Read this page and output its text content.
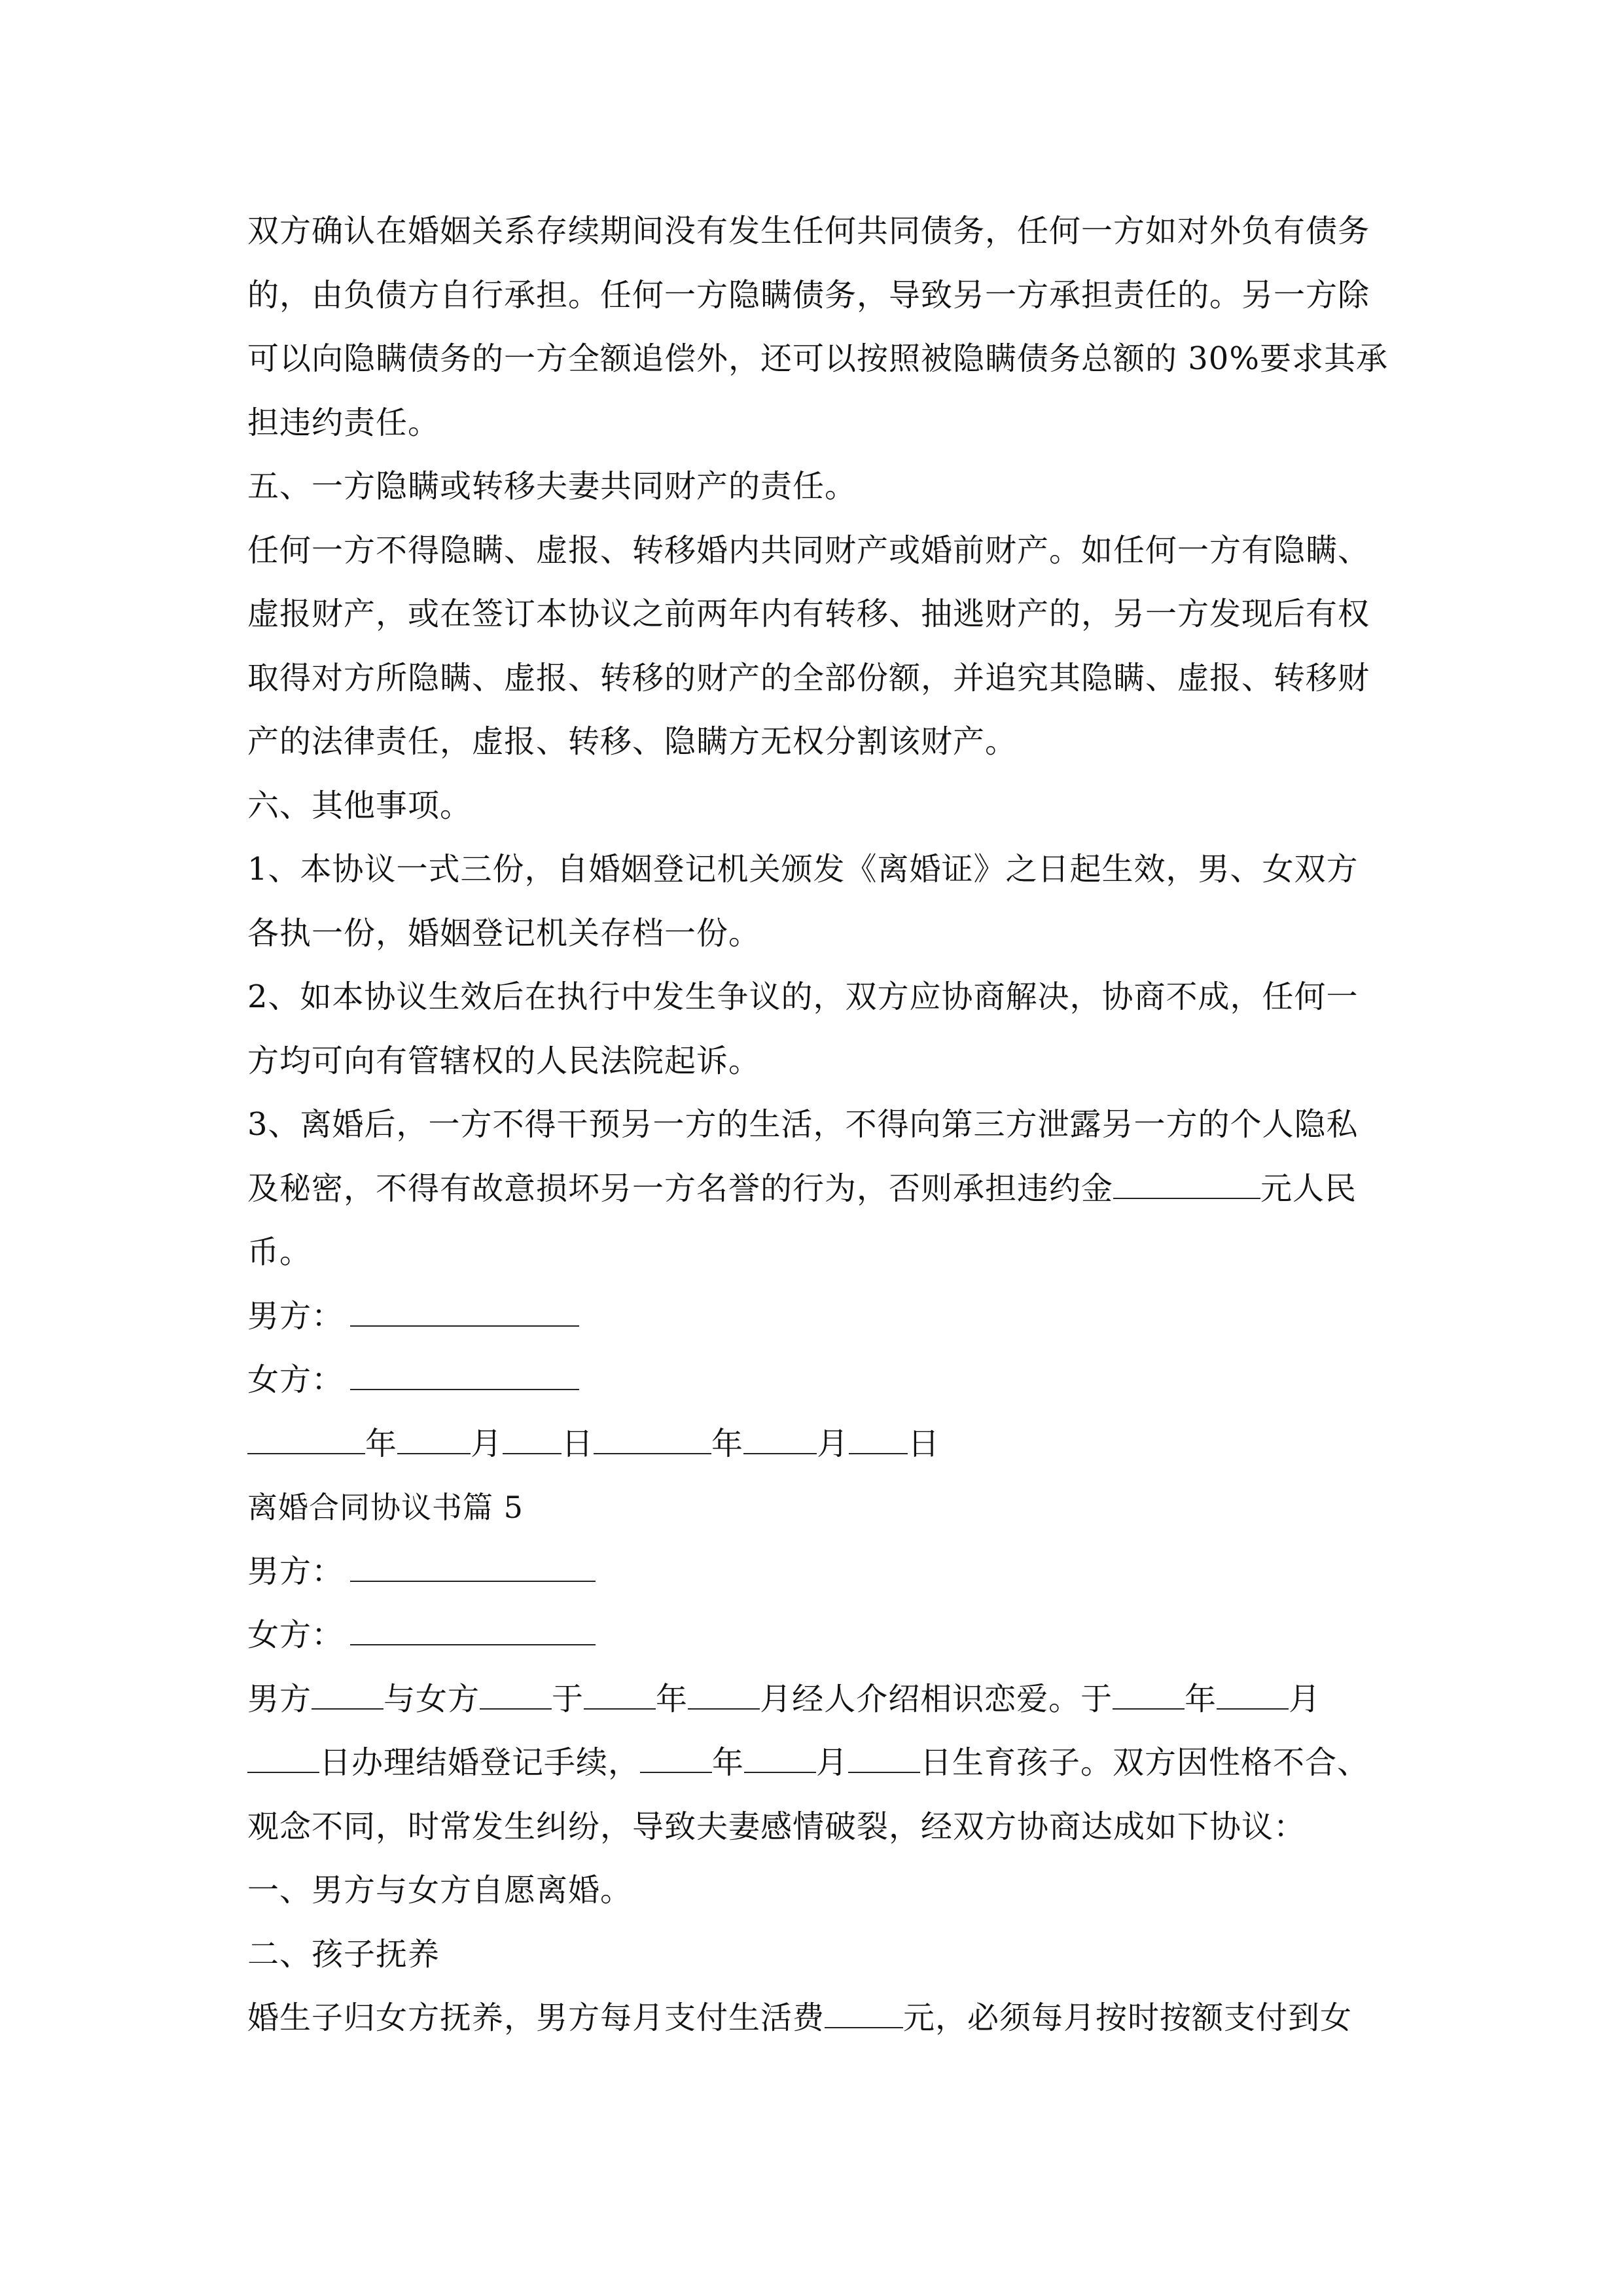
双方确认在婚姻关系存续期间没有发生任何共同债务，任何一方如对外负有债务
的，由负债方自行承担。任何一方隐瞒债务，导致另一方承担责任的。另一方除
可以向隐瞒债务的一方全额追偿外，还可以按照被隐瞒债务总额的 30%要求其承
担违约责任。
五、一方隐瞒或转移夫妻共同财产的责任。
任何一方不得隐瞒、虚报、转移婚内共同财产或婚前财产。如任何一方有隐瞒、
虚报财产，或在签订本协议之前两年内有转移、抽逃财产的，另一方发现后有权
取得对方所隐瞒、虚报、转移的财产的全部份额，并追究其隐瞒、虚报、转移财
产的法律责任，虚报、转移、隐瞒方无权分割该财产。
六、其他事项。
1、本协议一式三份，自婚姻登记机关颁发《离婚证》之日起生效，男、女双方
各执一份，婚姻登记机关存档一份。
2、如本协议生效后在执行中发生争议的，双方应协商解决，协商不成，任何一
方均可向有管辖权的人民法院起诉。
3、离婚后，一方不得干预另一方的生活，不得向第三方泄露另一方的个人隐私
及秘密，不得有故意损坏另一方名誉的行为，否则承担违约金	元人民
币。
男方：
女方：
年 月 日	年 月 日
离婚合同协议书篇 5
男方：
女方：
男方 与女方 于 年 月经人介绍相识恋爱。于 年 月
日办理结婚登记手续， 年 月 日生育孩子。双方因性格不合、
观念不同，时常发生纠纷，导致夫妻感情破裂，经双方协商达成如下协议：
一、男方与女方自愿离婚。
二、孩子抚养
婚生子归女方抚养，男方每月支付生活费	元，必须每月按时按额支付到女
